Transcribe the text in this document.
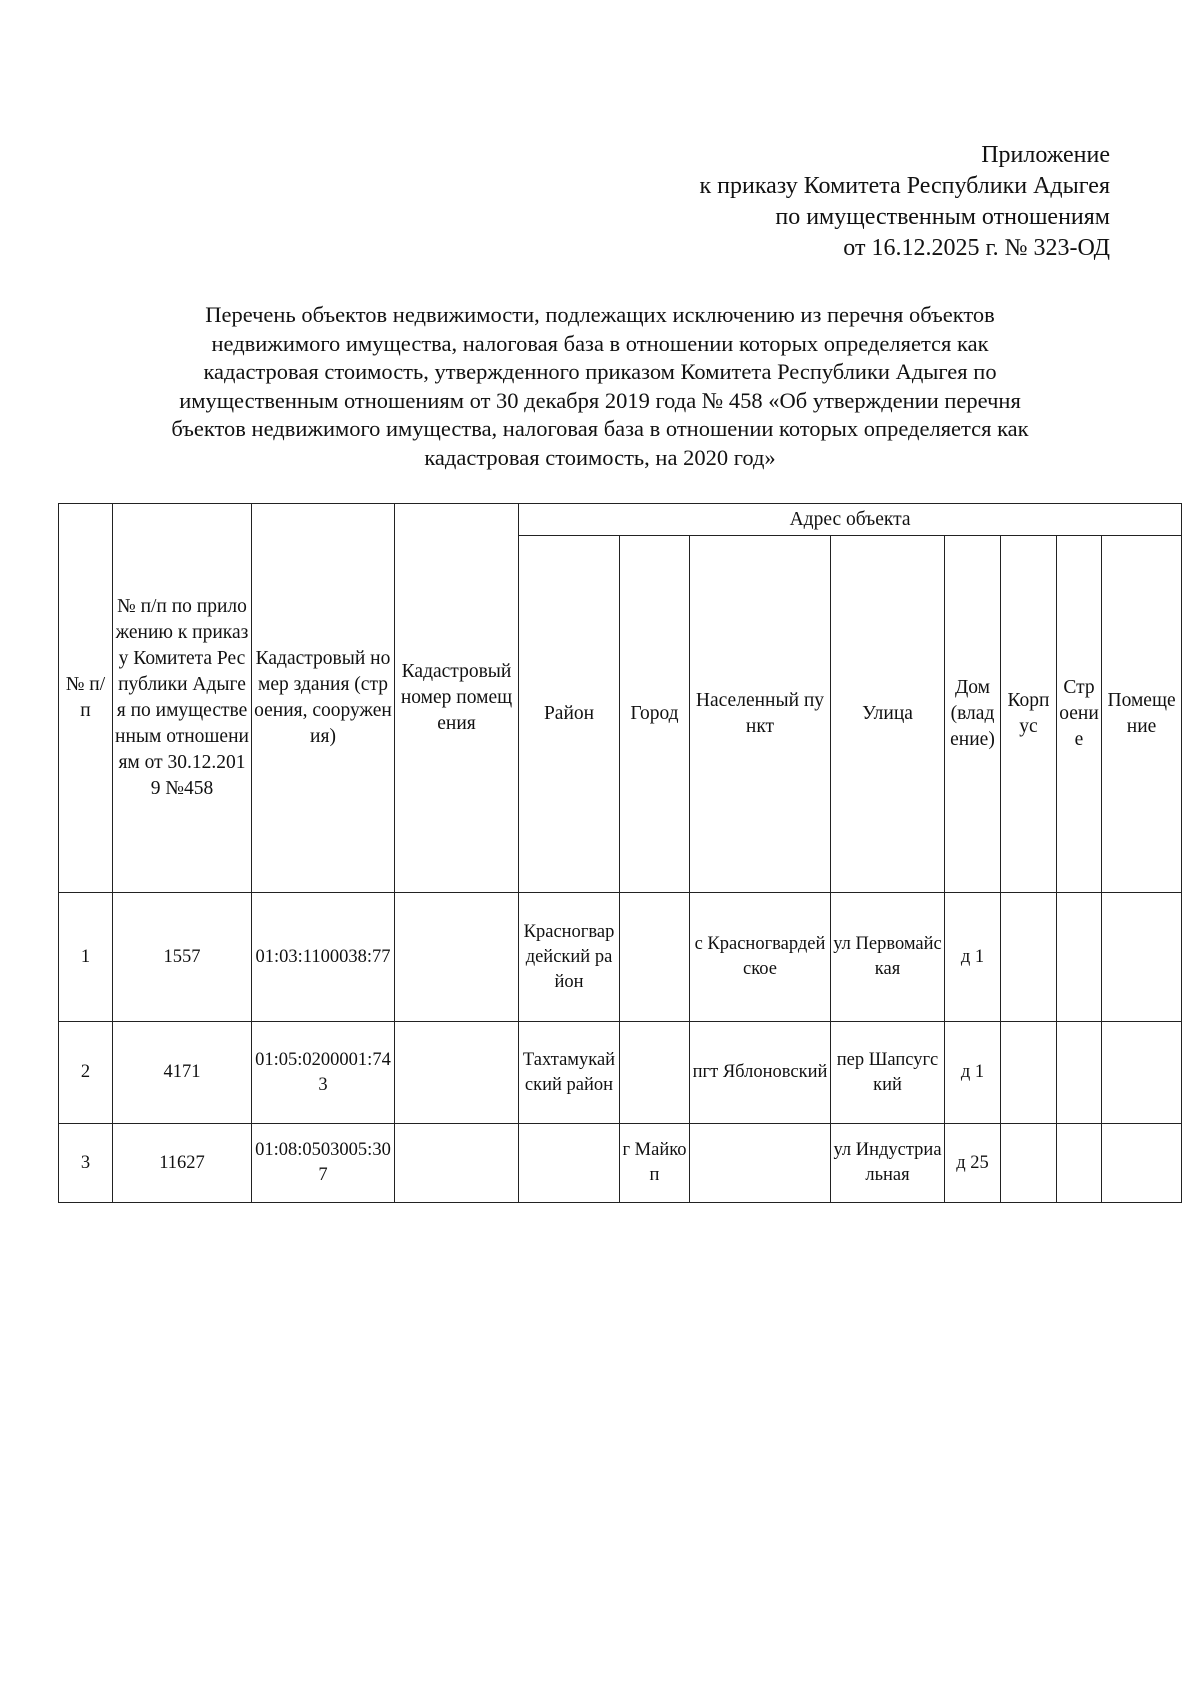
Приложение
к приказу Комитета Республики Адыгея
по имущественным отношениям
от 16.12.2025 г. № 323-ОД
Перечень объектов недвижимости, подлежащих исключению из перечня объектов
недвижимого имущества, налоговая база в отношении которых определяется как
кадастровая стоимость, утвержденного приказом Комитета Республики Адыгея по
имущественным отношениям от 30 декабря 2019 года № 458 «Об утверждении перечня
бъектов недвижимого имущества, налоговая база в отношении которых определяется как
кадастровая стоимость, на 2020 год»
№ п/п	№ п/п по приложению к приказу Комитета Республики Адыгея по имущественным отношениям от 30.12.2019 №458	Кадастровый номер здания (строения, сооружения)	Кадастровый номер помещения	Адрес объекта							
				Район	Город	Населенный пункт	Улица	Дом (владение)	Корпус	Строение	Помещение
1	1557	01:03:1100038:77		Красногвардейский район		с Красногвардейское	ул Первомайская	д 1			
2	4171	01:05:0200001:743		Тахтамукайский район		пгт Яблоновский	пер Шапсугский	д 1			
3	11627	01:08:0503005:307			г Майкоп		ул Индустриальная	д 25			
